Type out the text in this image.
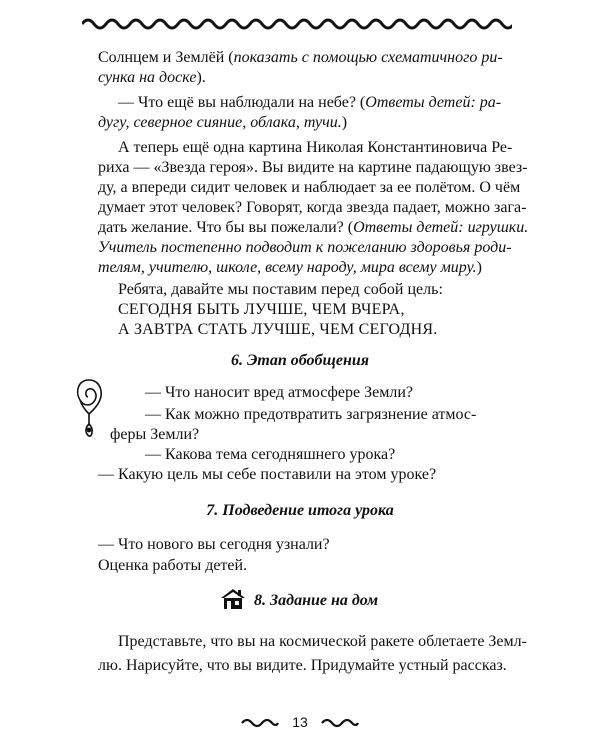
Солнцем и Землёй (показать с помощью схематичного ри-
сунка на доске).
— Что ещё вы наблюдали на небе? (Ответы детей: ра-
дугу, северное сияние, облака, тучи.)
А теперь ещё одна картина Николая Константиновича Ре-
риха — «Звезда героя». Вы видите на картине падающую звез-
ду, а впереди сидит человек и наблюдает за ее полётом. О чём
думает этот человек? Говорят, когда звезда падает, можно зага-
дать желание. Что бы вы пожелали? (Ответы детей: игрушки.
Учитель постепенно подводит к пожеланию здоровья роди-
телям, учителю, школе, всему народу, мира всему миру.)
Ребята, давайте мы поставим перед собой цель:
СЕГОДНЯ БЫТЬ ЛУЧШЕ, ЧЕМ ВЧЕРА,
А ЗАВТРА СТАТЬ ЛУЧШЕ, ЧЕМ СЕГОДНЯ.
6. Этап обобщения
— Что наносит вред атмосфере Земли?
— Как можно предотвратить загрязнение атмос-
феры Земли?
— Какова тема сегодняшнего урока?
— Какую цель мы себе поставили на этом уроке?
7. Подведение итога урока
— Что нового вы сегодня узнали?
Оценка работы детей.
8. Задание на дом
Представьте, что вы на космической ракете облетаете Земл-
лю. Нарисуйте, что вы видите. Придумайте устный рассказ.
13
